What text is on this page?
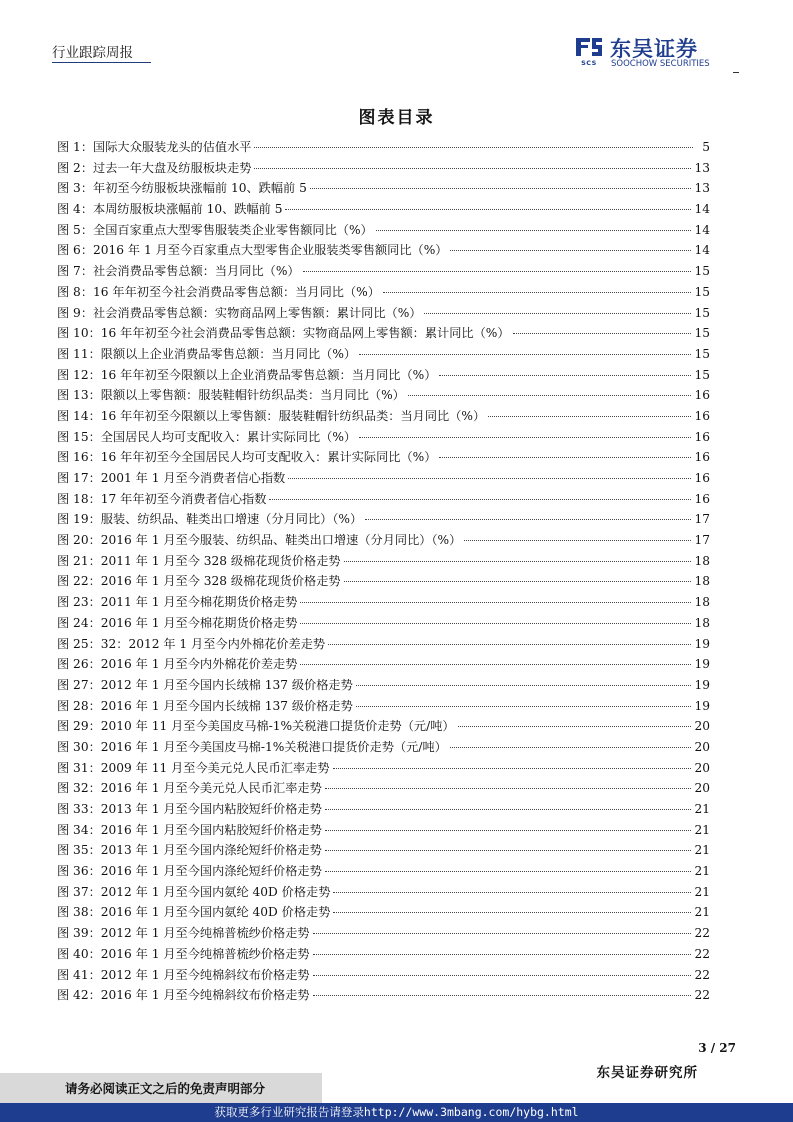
行业跟踪周报
SCS
东吴证券
SOOCHOW SECURITIES
图表目录
图 1：国际大众服装龙头的估值水平	5
图 2：过去一年大盘及纺服板块走势	13
图 3：年初至今纺服板块涨幅前 10、跌幅前 5	13
图 4：本周纺服板块涨幅前 10、跌幅前 5	14
图 5：全国百家重点大型零售服装类企业零售额同比（%）	14
图 6：2016 年 1 月至今百家重点大型零售企业服装类零售额同比（%）	14
图 7：社会消费品零售总额：当月同比（%）	15
图 8：16 年年初至今社会消费品零售总额：当月同比（%）	15
图 9：社会消费品零售总额：实物商品网上零售额：累计同比（%）	15
图 10：16 年年初至今社会消费品零售总额：实物商品网上零售额：累计同比（%）	15
图 11：限额以上企业消费品零售总额：当月同比（%）	15
图 12：16 年年初至今限额以上企业消费品零售总额：当月同比（%）	15
图 13：限额以上零售额：服装鞋帽针纺织品类：当月同比（%）	16
图 14：16 年年初至今限额以上零售额：服装鞋帽针纺织品类：当月同比（%）	16
图 15：全国居民人均可支配收入：累计实际同比（%）	16
图 16：16 年年初至今全国居民人均可支配收入：累计实际同比（%）	16
图 17：2001 年 1 月至今消费者信心指数	16
图 18：17 年年初至今消费者信心指数	16
图 19：服装、纺织品、鞋类出口增速（分月同比）（%）	17
图 20：2016 年 1 月至今服装、纺织品、鞋类出口增速（分月同比）（%）	17
图 21：2011 年 1 月至今 328 级棉花现货价格走势	18
图 22：2016 年 1 月至今 328 级棉花现货价格走势	18
图 23：2011 年 1 月至今棉花期货价格走势	18
图 24：2016 年 1 月至今棉花期货价格走势	18
图 25：32：2012 年 1 月至今内外棉花价差走势	19
图 26：2016 年 1 月至今内外棉花价差走势	19
图 27：2012 年 1 月至今国内长绒棉 137 级价格走势	19
图 28：2016 年 1 月至今国内长绒棉 137 级价格走势	19
图 29：2010 年 11 月至今美国皮马棉-1%关税港口提货价走势（元/吨）	20
图 30：2016 年 1 月至今美国皮马棉-1%关税港口提货价走势（元/吨）	20
图 31：2009 年 11 月至今美元兑人民币汇率走势	20
图 32：2016 年 1 月至今美元兑人民币汇率走势	20
图 33：2013 年 1 月至今国内粘胶短纤价格走势	21
图 34：2016 年 1 月至今国内粘胶短纤价格走势	21
图 35：2013 年 1 月至今国内涤纶短纤价格走势	21
图 36：2016 年 1 月至今国内涤纶短纤价格走势	21
图 37：2012 年 1 月至今国内氨纶 40D 价格走势	21
图 38：2016 年 1 月至今国内氨纶 40D 价格走势	21
图 39：2012 年 1 月至今纯棉普梳纱价格走势	22
图 40：2016 年 1 月至今纯棉普梳纱价格走势	22
图 41：2012 年 1 月至今纯棉斜纹布价格走势	22
图 42：2016 年 1 月至今纯棉斜纹布价格走势	22
3 / 27
东吴证券研究所
请务必阅读正文之后的免责声明部分
获取更多行业研究报告请登录http://www.3mbang.com/hybg.html
